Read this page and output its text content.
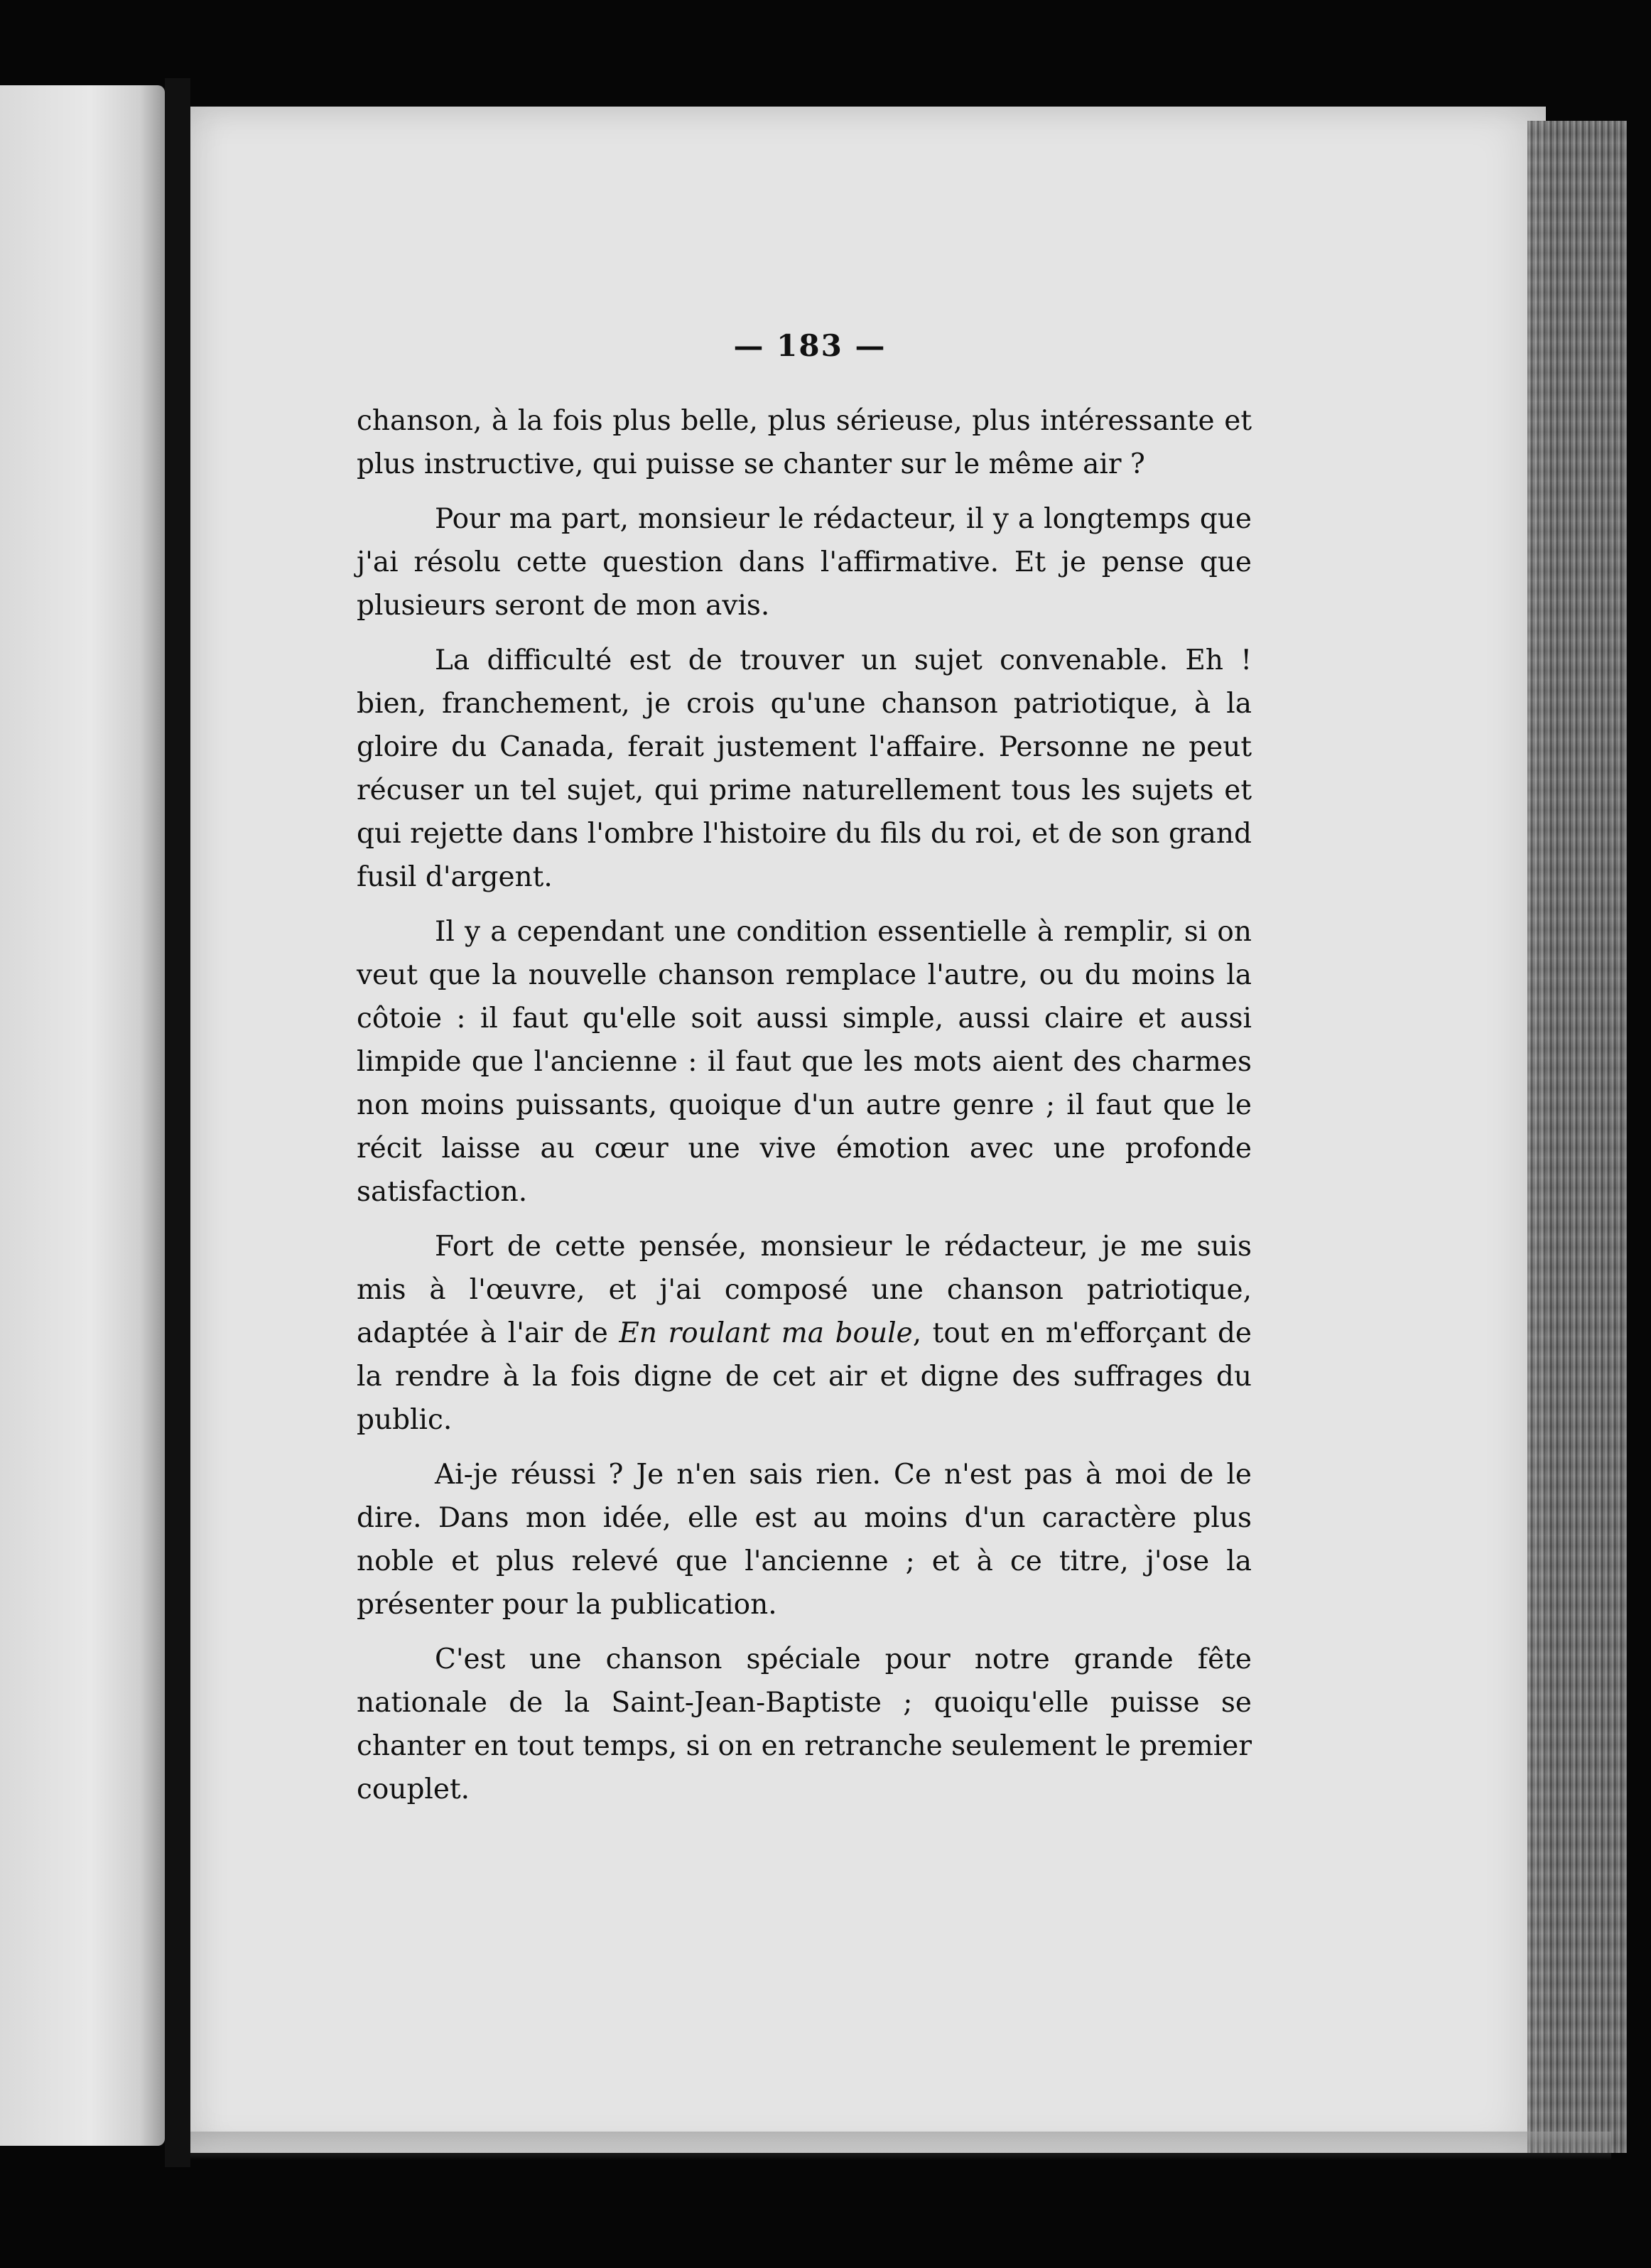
— 183 —

chanson, à la fois plus belle, plus sérieuse, plus intéressante et plus instructive, qui puisse se chanter sur le même air ?

Pour ma part, monsieur le rédacteur, il y a longtemps que j'ai résolu cette question dans l'affirmative. Et je pense que plusieurs seront de mon avis.

La difficulté est de trouver un sujet convenable. Eh ! bien, franchement, je crois qu'une chanson patriotique, à la gloire du Canada, ferait justement l'affaire. Personne ne peut récuser un tel sujet, qui prime naturellement tous les sujets et qui rejette dans l'ombre l'histoire du fils du roi, et de son grand fusil d'argent.

Il y a cependant une condition essentielle à remplir, si on veut que la nouvelle chanson remplace l'autre, ou du moins la côtoie : il faut qu'elle soit aussi simple, aussi claire et aussi limpide que l'ancienne : il faut que les mots aient des charmes non moins puissants, quoique d'un autre genre ; il faut que le récit laisse au cœur une vive émotion avec une profonde satisfaction.

Fort de cette pensée, monsieur le rédacteur, je me suis mis à l'œuvre, et j'ai composé une chanson patriotique, adaptée à l'air de En roulant ma boule, tout en m'efforçant de la rendre à la fois digne de cet air et digne des suffrages du public.

Ai-je réussi ? Je n'en sais rien. Ce n'est pas à moi de le dire. Dans mon idée, elle est au moins d'un caractère plus noble et plus relevé que l'ancienne ; et à ce titre, j'ose la présenter pour la publication.

C'est une chanson spéciale pour notre grande fête nationale de la Saint-Jean-Baptiste ; quoiqu'elle puisse se chanter en tout temps, si on en retranche seulement le premier couplet.
